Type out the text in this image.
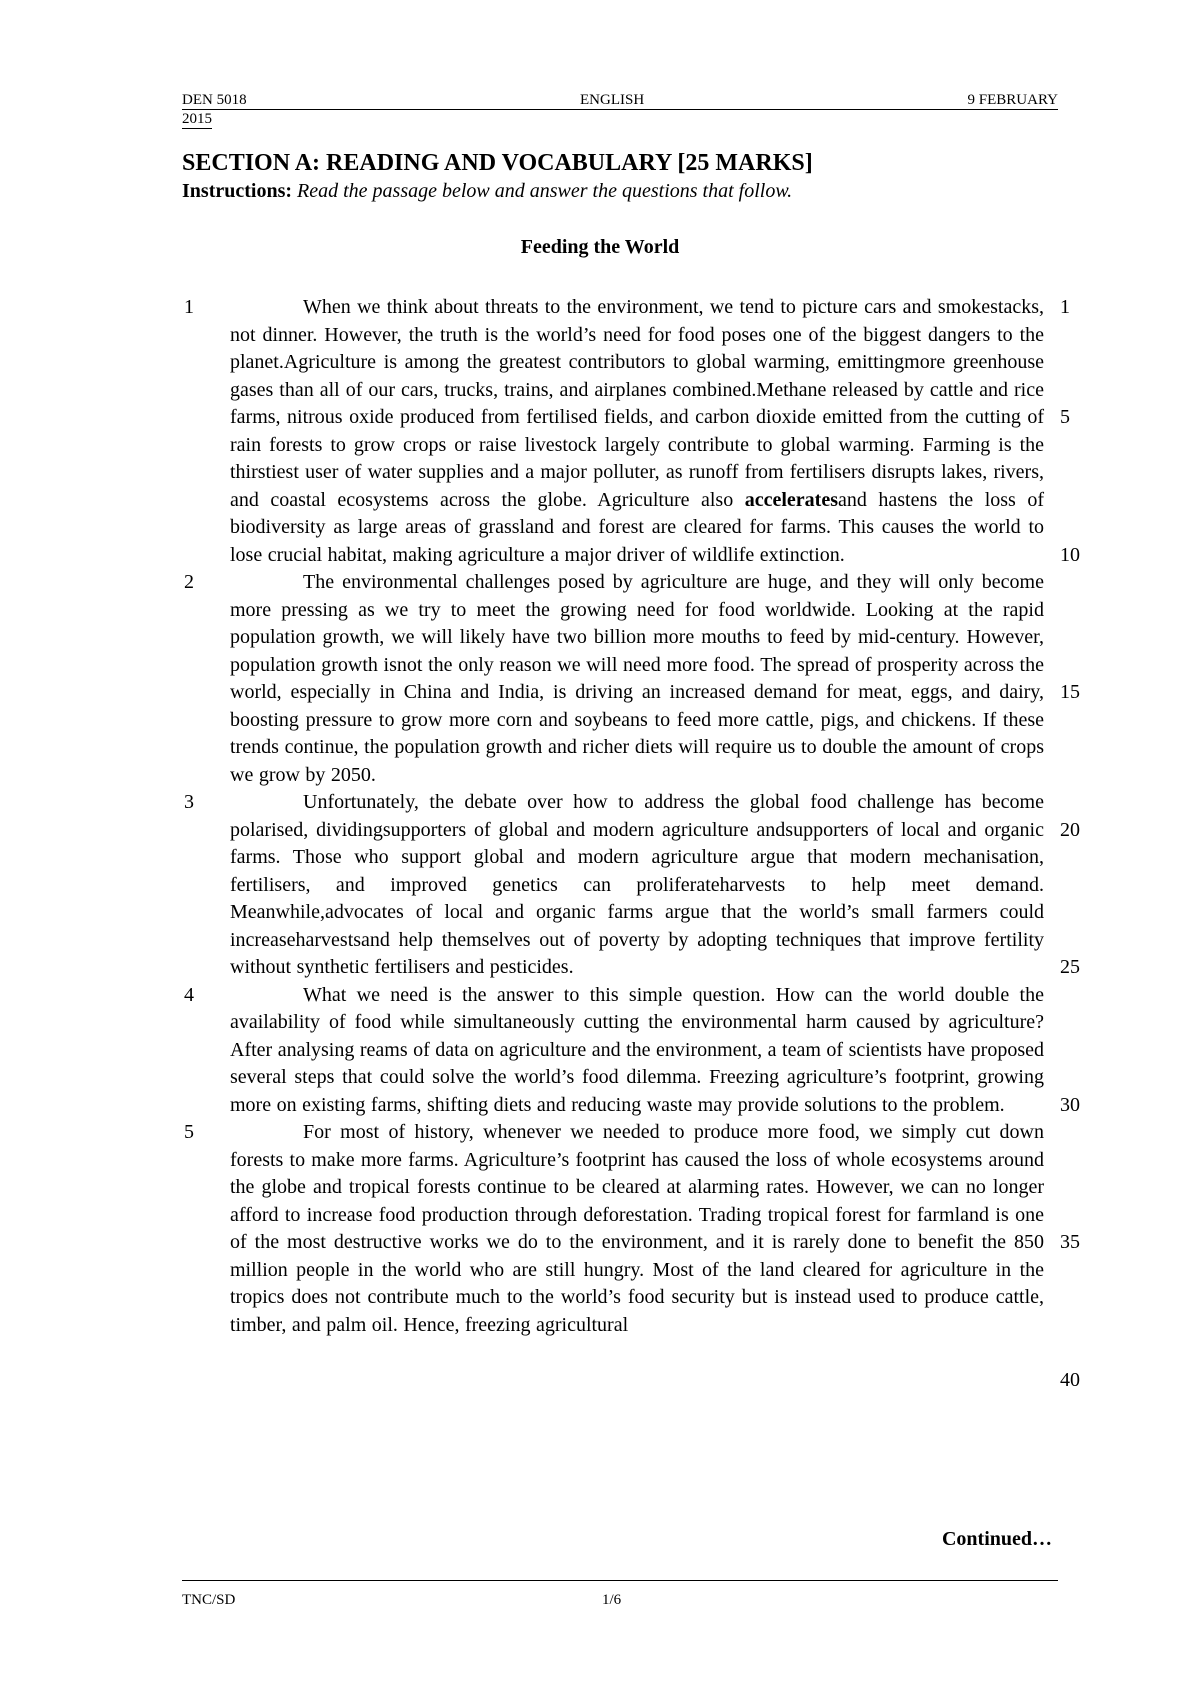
DEN 5018	ENGLISH	9 FEBRUARY
2015
SECTION A: READING AND VOCABULARY [25 MARKS]
Instructions: Read the passage below and answer the questions that follow.
Feeding the World
1	When we think about threats to the environment, we tend to picture cars and smokestacks, not dinner. However, the truth is the world’s need for food poses one of the biggest dangers to the planet.Agriculture is among the greatest contributors to global warming, emittingmore greenhouse gases than all of our cars, trucks, trains, and airplanes combined.Methane released by cattle and rice farms, nitrous oxide produced from fertilised fields, and carbon dioxide emitted from the cutting of rain forests to grow crops or raise livestock largely contribute to global warming. Farming is the thirstiest user of water supplies and a major polluter, as runoff from fertilisers disrupts lakes, rivers, and coastal ecosystems across the globe. Agriculture also acceleratesand hastens the loss of biodiversity as large areas of grassland and forest are cleared for farms. This causes the world to lose crucial habitat, making agriculture a major driver of wildlife extinction.
2	The environmental challenges posed by agriculture are huge, and they will only become more pressing as we try to meet the growing need for food worldwide. Looking at the rapid population growth, we will likely have two billion more mouths to feed by mid-century. However, population growth isnot the only reason we will need more food. The spread of prosperity across the world, especially in China and India, is driving an increased demand for meat, eggs, and dairy, boosting pressure to grow more corn and soybeans to feed more cattle, pigs, and chickens. If these trends continue, the population growth and richer diets will require us to double the amount of crops we grow by 2050.
3	Unfortunately, the debate over how to address the global food challenge has become polarised, dividingsupporters of global and modern agriculture andsupporters of local and organic farms. Those who support global and modern agriculture argue that modern mechanisation, fertilisers, and improved genetics can proliferateharvests to help meet demand. Meanwhile,advocates of local and organic farms argue that the world’s small farmers could increaseharvestsand help themselves out of poverty by adopting techniques that improve fertility without synthetic fertilisers and pesticides.
4	What we need is the answer to this simple question. How can the world double the availability of food while simultaneously cutting the environmental harm caused by agriculture? After analysing reams of data on agriculture and the environment, a team of scientists have proposed several steps that could solve the world’s food dilemma. Freezing agriculture’s footprint, growing more on existing farms, shifting diets and reducing waste may provide solutions to the problem.
5	For most of history, whenever we needed to produce more food, we simply cut down forests to make more farms. Agriculture’s footprint has caused the loss of whole ecosystems around the globe and tropical forests continue to be cleared at alarming rates. However, we can no longer afford to increase food production through deforestation. Trading tropical forest for farmland is one of the most destructive works we do to the environment, and it is rarely done to benefit the 850 million people in the world who are still hungry. Most of the land cleared for agriculture in the tropics does not contribute much to the world’s food security but is instead used to produce cattle, timber, and palm oil. Hence, freezing agricultural
1
5
10
15
20
25
30
35
40
Continued…
TNC/SD	1/6
